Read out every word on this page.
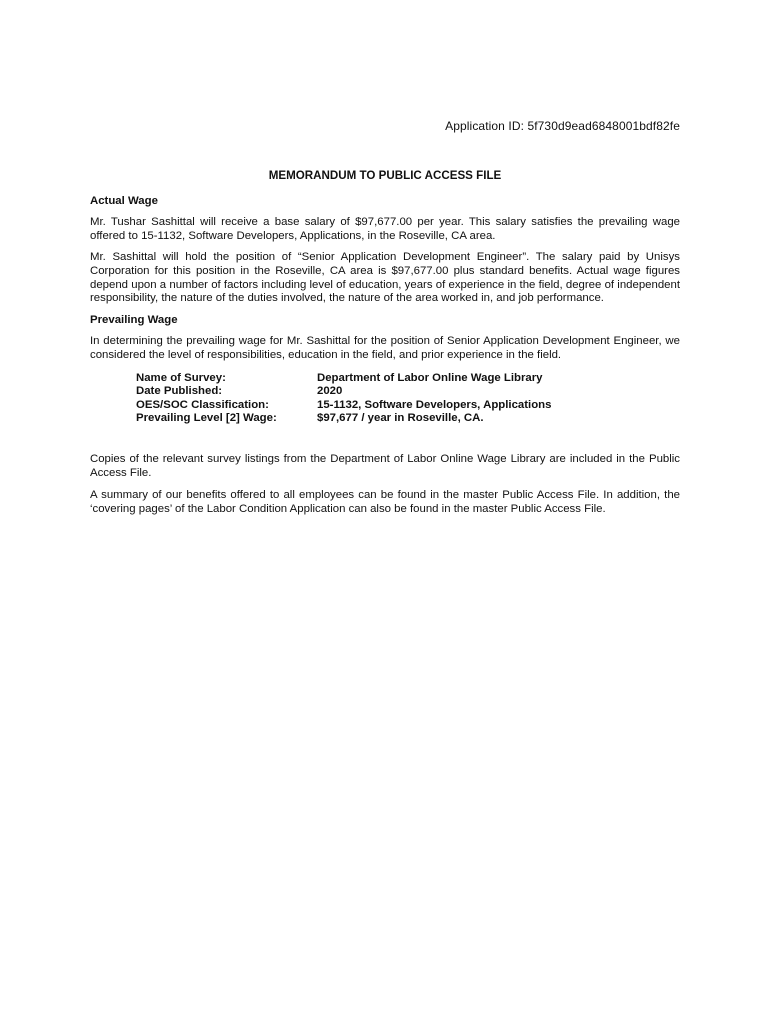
Application ID: 5f730d9ead6848001bdf82fe
MEMORANDUM TO PUBLIC ACCESS FILE
Actual Wage

Mr. Tushar Sashittal will receive a base salary of $97,677.00 per year. This salary satisfies the prevailing wage offered to 15-1132, Software Developers, Applications, in the Roseville, CA area.

Mr. Sashittal will hold the position of “Senior Application Development Engineer”. The salary paid by Unisys Corporation for this position in the Roseville, CA area is $97,677.00 plus standard benefits. Actual wage figures depend upon a number of factors including level of education, years of experience in the field, degree of independent responsibility, the nature of the duties involved, the nature of the area worked in, and job performance.

Prevailing Wage

In determining the prevailing wage for Mr. Sashittal for the position of Senior Application Development Engineer, we considered the level of responsibilities, education in the field, and prior experience in the field.

Name of Survey:	Department of Labor Online Wage Library
Date Published:	2020
OES/SOC Classification:	15-1132, Software Developers, Applications
Prevailing Level [2] Wage:	$97,677 / year in Roseville, CA.

Copies of the relevant survey listings from the Department of Labor Online Wage Library are included in the Public Access File.

A summary of our benefits offered to all employees can be found in the master Public Access File. In addition, the ‘covering pages’ of the Labor Condition Application can also be found in the master Public Access File.
